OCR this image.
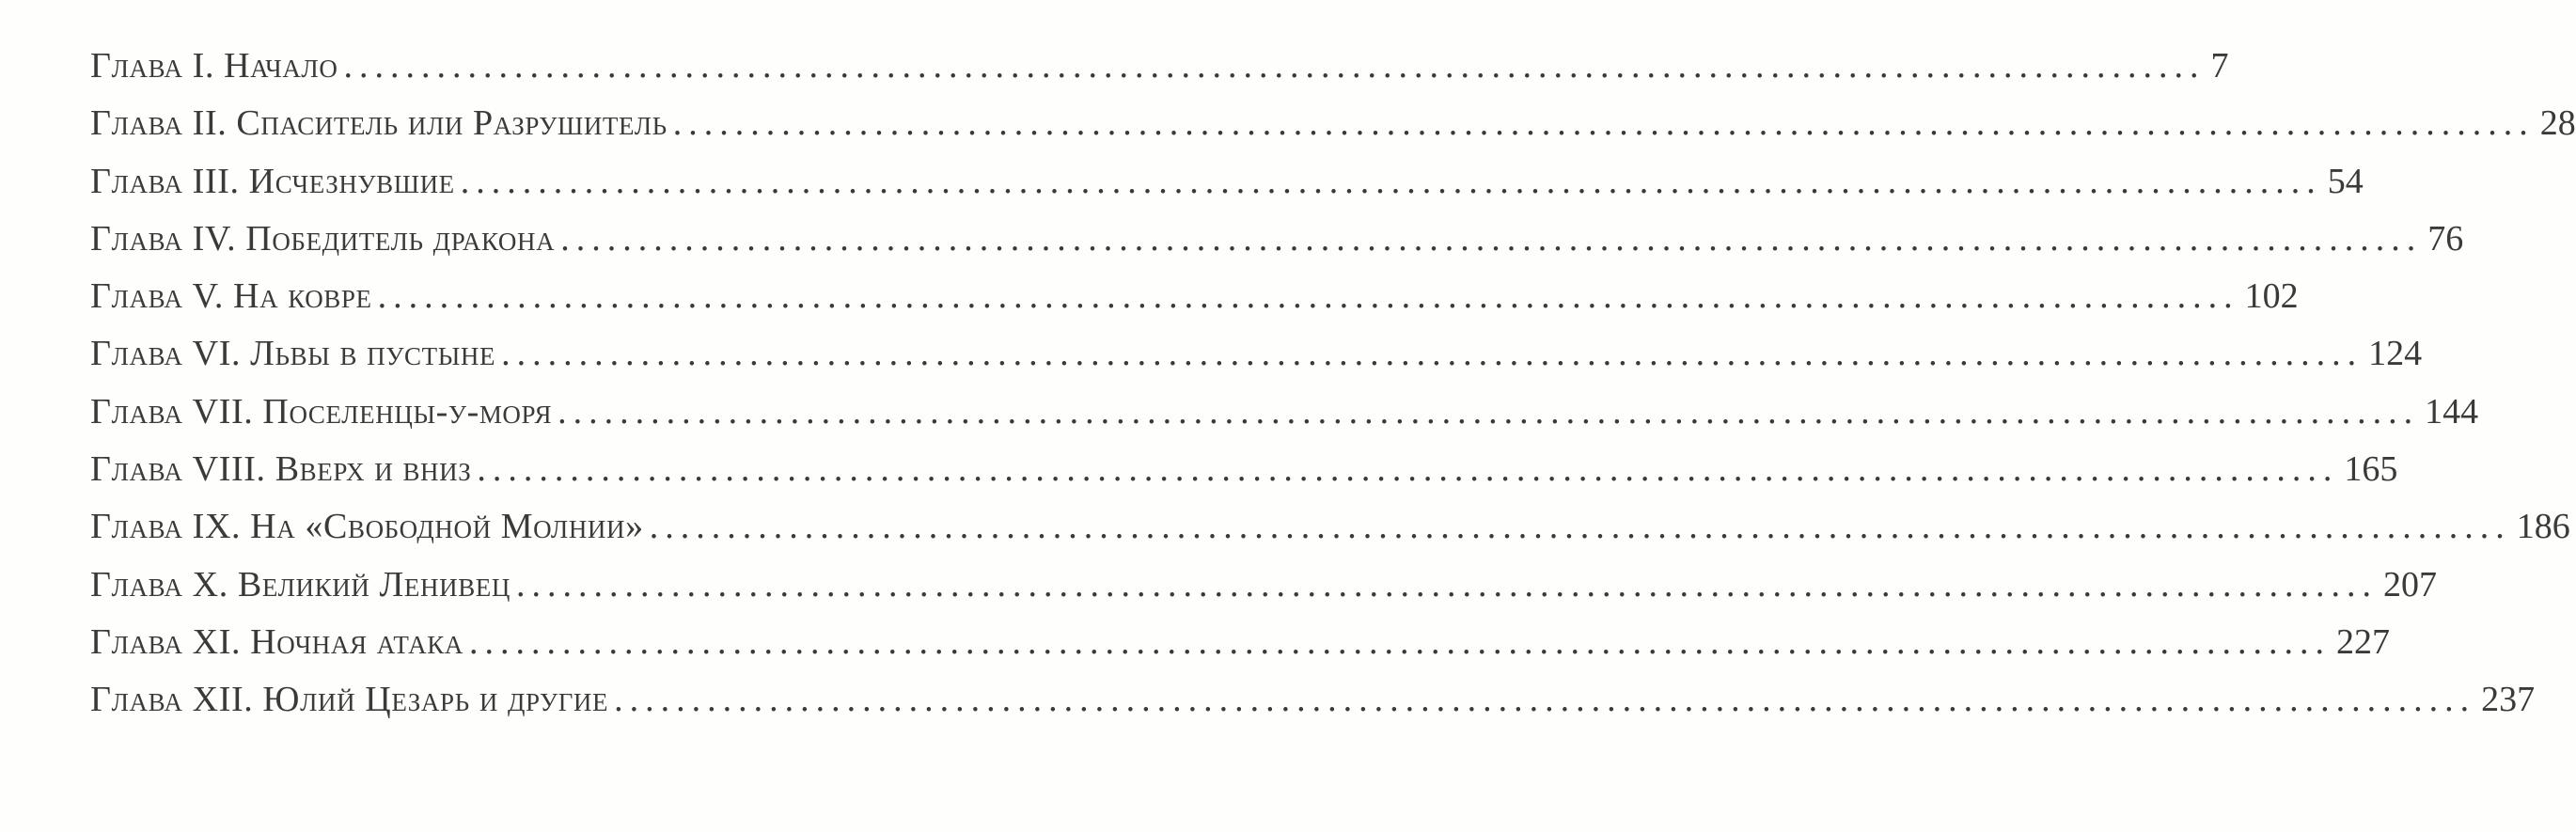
Глава I. Начало ........................................................................................................................ 7
Глава II. Спаситель или Разрушитель ........................................................................................................................ 28
Глава III. Исчезнувшие ........................................................................................................................ 54
Глава IV. Победитель дракона ........................................................................................................................ 76
Глава V. На ковре ........................................................................................................................ 102
Глава VI. Львы в пустыне ........................................................................................................................ 124
Глава VII. Поселенцы-у-моря ........................................................................................................................ 144
Глава VIII. Вверх и вниз ........................................................................................................................ 165
Глава IX. На «Свободной Молнии» ........................................................................................................................ 186
Глава X. Великий Ленивец ........................................................................................................................ 207
Глава XI. Ночная атака ........................................................................................................................ 227
Глава XII. Юлий Цезарь и другие ........................................................................................................................ 237
